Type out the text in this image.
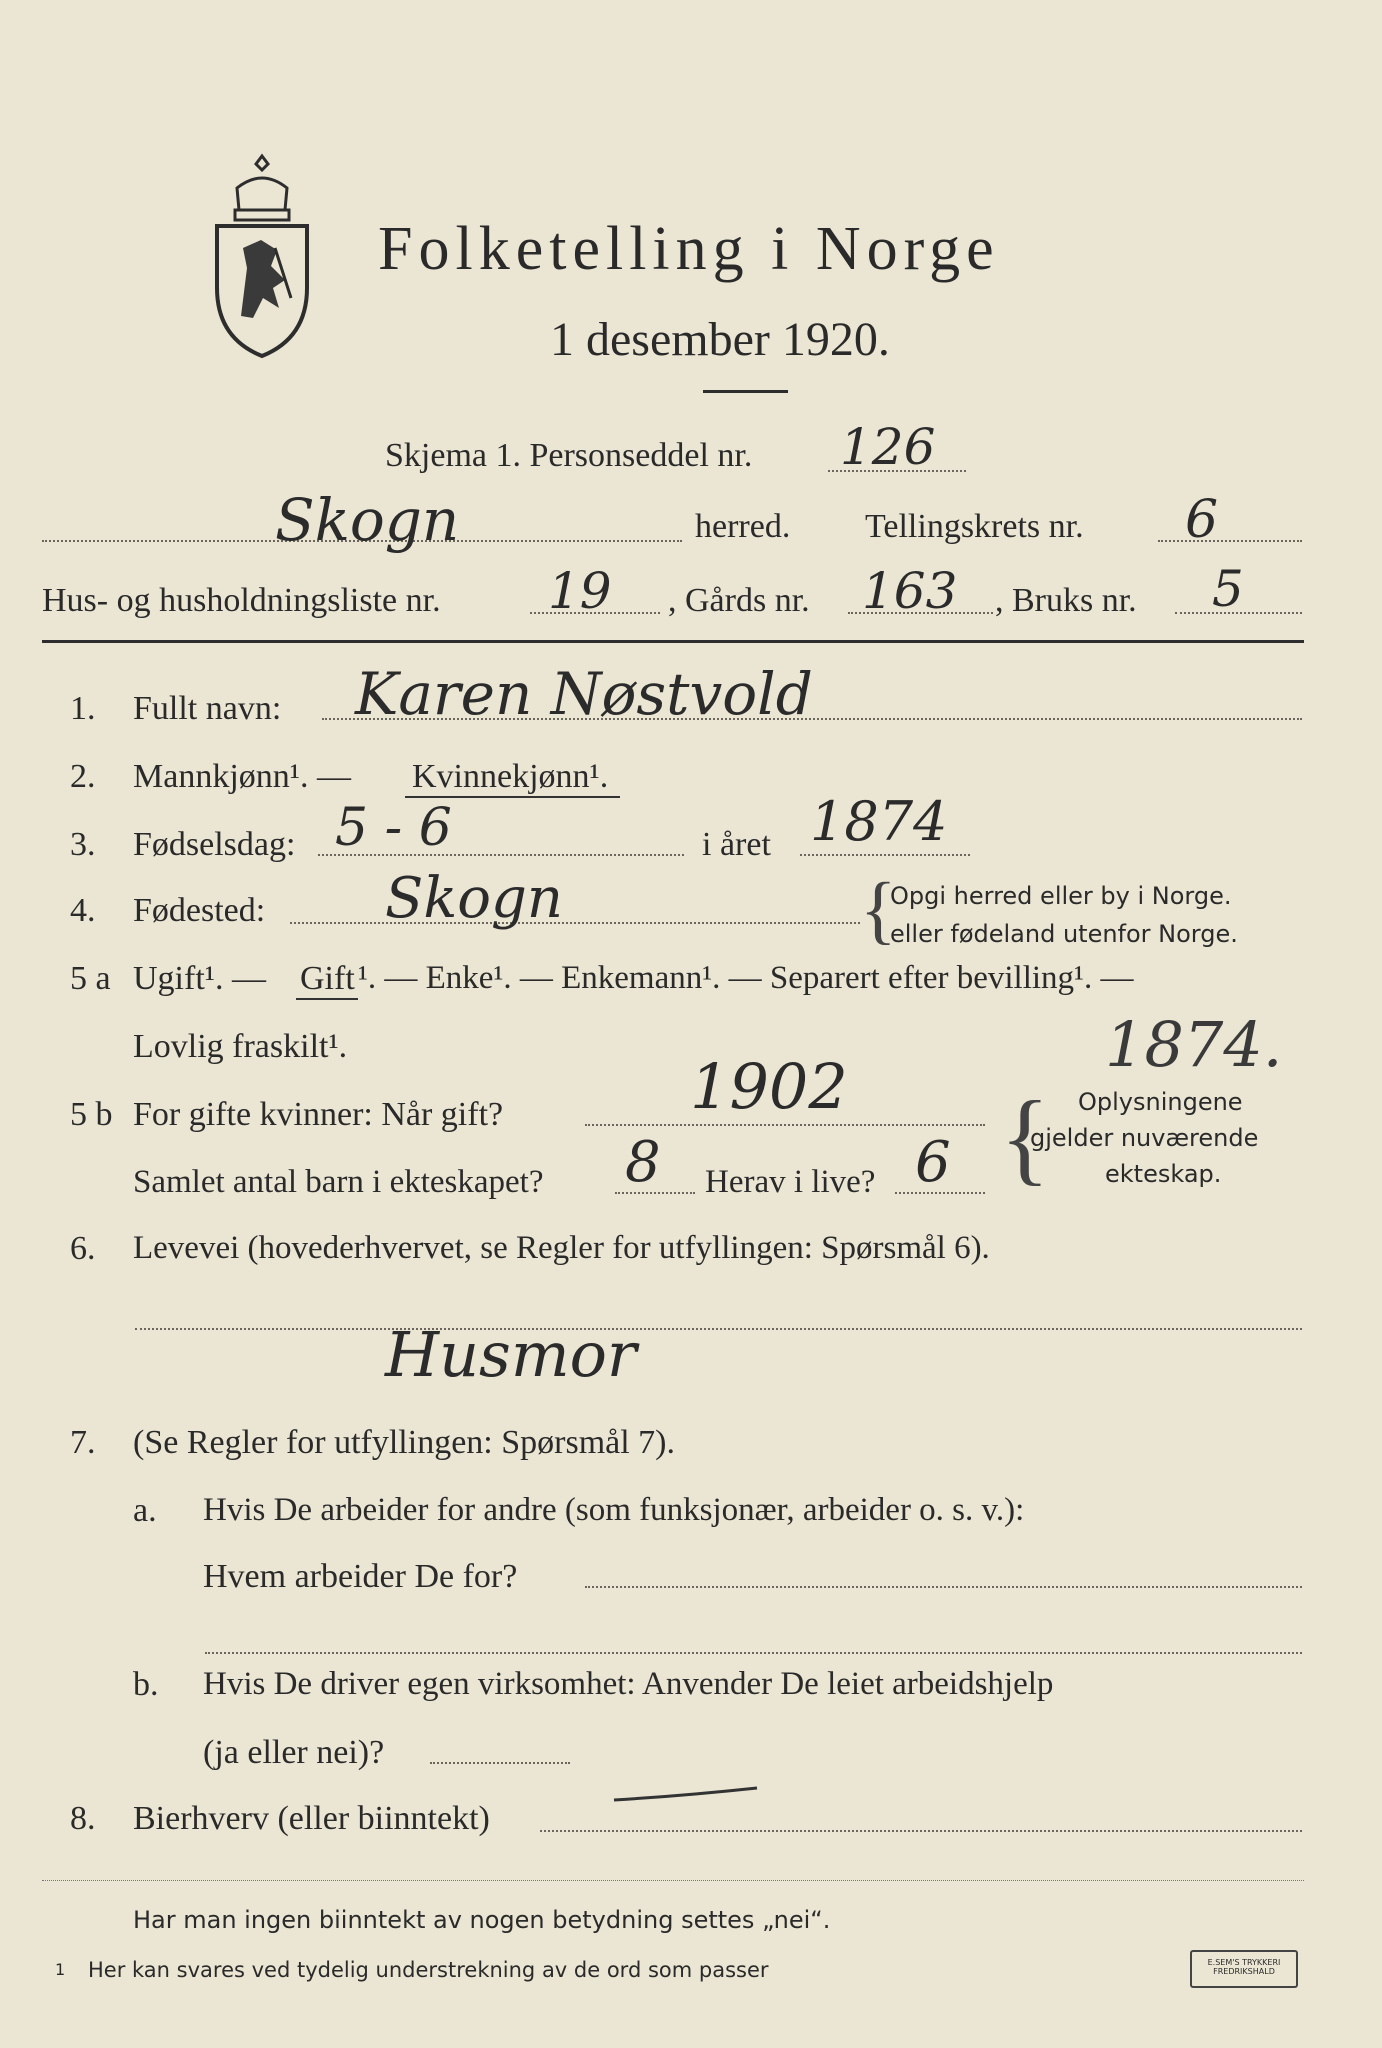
Folketelling i Norge
1 desember 1920.
Skjema 1. Personseddel nr. 126
Skogn	herred. Tellingskrets nr. 6
Hus- og husholdningsliste nr. 19 , Gårds nr. 163 , Bruks nr. 5
1. Fullt navn: Karen Nøstvold
2. Mannkjønn¹. — Kvinnekjønn¹.
3. Fødselsdag: 5 - 6	i året 1874
4. Fødested: Skogn	{
Opgi herred eller by i Norge.
eller fødeland utenfor Norge.
5 a Ugift¹. — Gift ¹. — Enke¹. — Enkemann¹. — Separert efter bevilling¹. —
Lovlig fraskilt¹.	1874.
5 b For gifte kvinner: Når gift?	1902 { Oplysningene
gjelder nuværende
ekteskap.
Samlet antal barn i ekteskapet? 8 Herav i live? 6
6. Levevei (hovederhvervet, se Regler for utfyllingen: Spørsmål 6).
Husmor
7. (Se Regler for utfyllingen: Spørsmål 7).
a. Hvis De arbeider for andre (som funksjonær, arbeider o. s. v.):
Hvem arbeider De for?
b. Hvis De driver egen virksomhet: Anvender De leiet arbeidshjelp
(ja eller nei)?
8. Bierhverv (eller biinntekt)
Har man ingen biinntekt av nogen betydning settes „nei“.
1 Her kan svares ved tydelig understrekning av de ord som passer	E.SEM'S TRYKKERI
FREDRIKSHALD
